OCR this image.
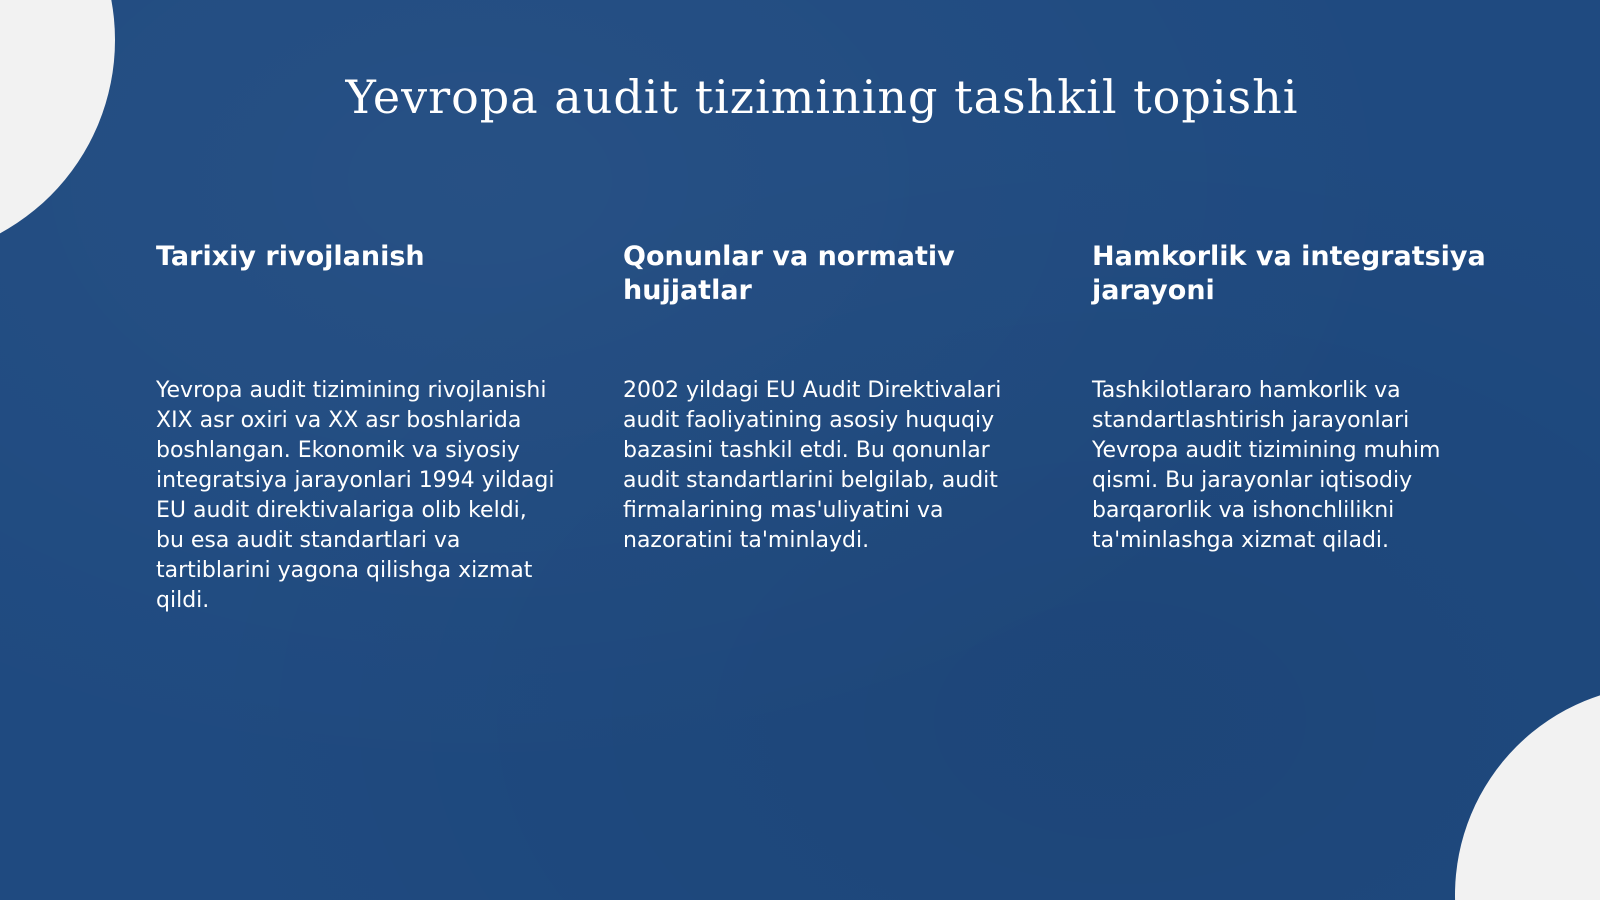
Yevropa audit tizimining tashkil topishi
Tarixiy rivojlanish

Yevropa audit tizimining rivojlanishi XIX asr oxiri va XX asr boshlarida boshlangan. Ekonomik va siyosiy integratsiya jarayonlari 1994 yildagi EU audit direktivalariga olib keldi, bu esa audit standartlari va tartiblarini yagona qilishga xizmat qildi.

Qonunlar va normativ hujjatlar

2002 yildagi EU Audit Direktivalari audit faoliyatining asosiy huquqiy bazasini tashkil etdi. Bu qonunlar audit standartlarini belgilab, audit firmalarining mas'uliyatini va nazoratini ta'minlaydi.

Hamkorlik va integratsiya jarayoni

Tashkilotlararo hamkorlik va standartlashtirish jarayonlari Yevropa audit tizimining muhim qismi. Bu jarayonlar iqtisodiy barqarorlik va ishonchlilikni ta'minlashga xizmat qiladi.
